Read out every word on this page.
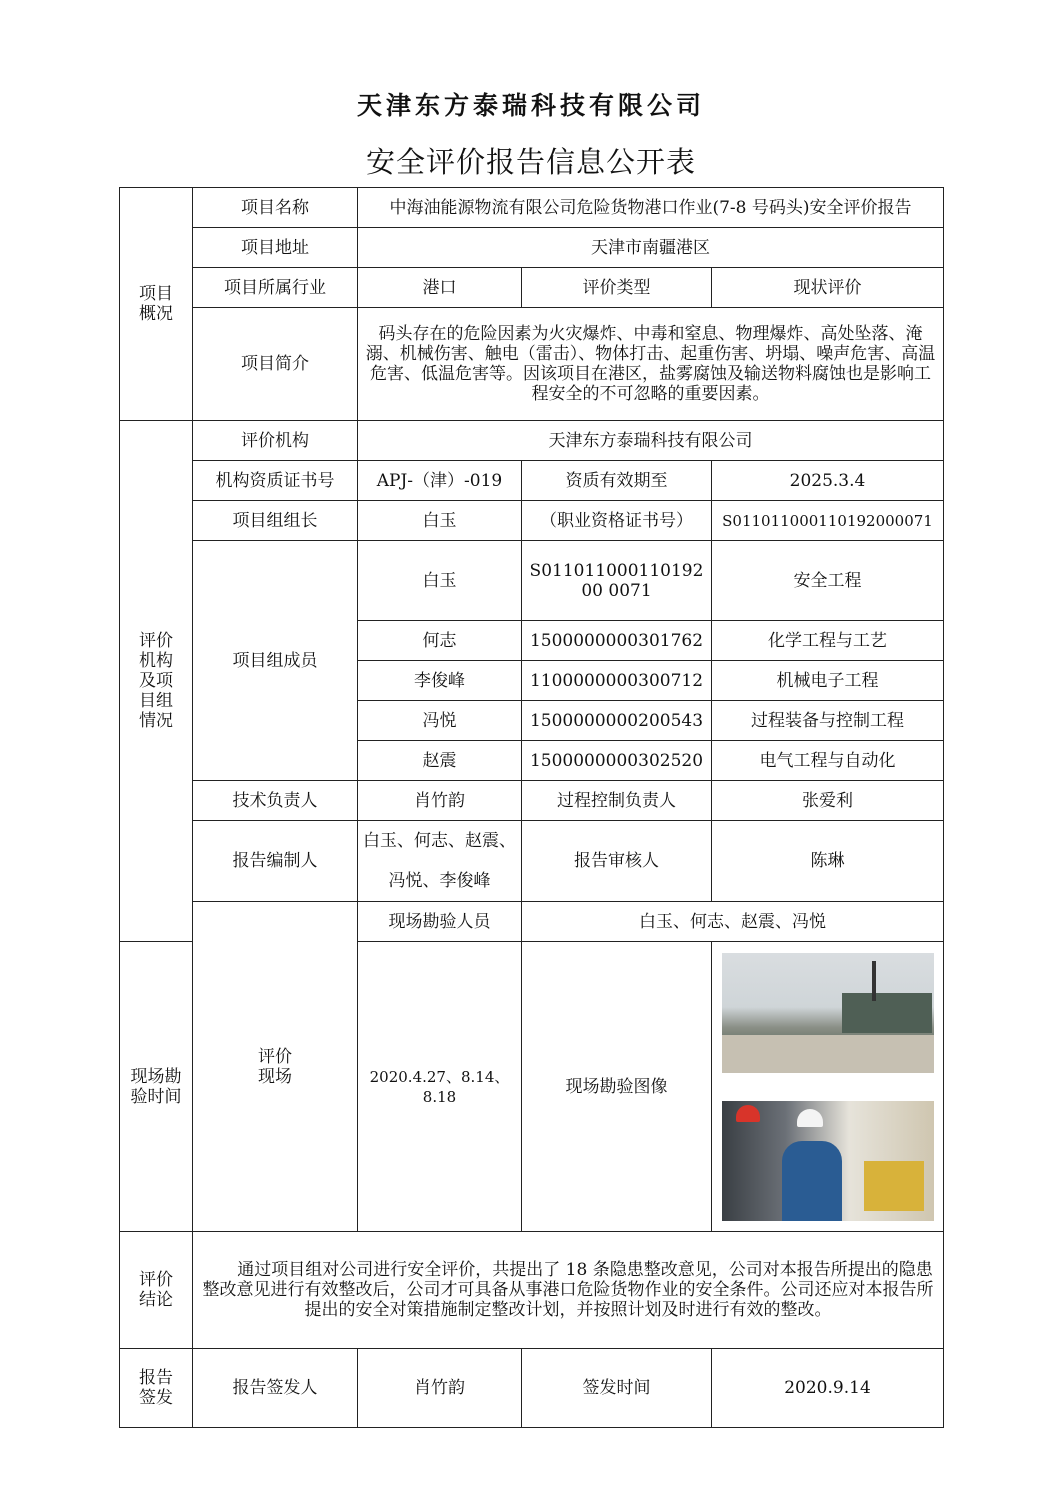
天津东方泰瑞科技有限公司
安全评价报告信息公开表
项目
概况	项目名称	中海油能源物流有限公司危险货物港口作业(7-8 号码头)安全评价报告		
	项目地址	天津市南疆港区		
	项目所属行业	港口	评价类型	现状评价
	项目简介	码头存在的危险因素为火灾爆炸、中毒和窒息、物理爆炸、高处坠落、淹溺、机械伤害、触电（雷击）、物体打击、起重伤害、坍塌、噪声危害、高温危害、低温危害等。因该项目在港区，盐雾腐蚀及输送物料腐蚀也是影响工程安全的不可忽略的重要因素。		
评价
机构
及项
目组
情况	评价机构	天津东方泰瑞科技有限公司		
	机构资质证书号	APJ-（津）-019	资质有效期至	2025.3.4
	项目组组长	白玉	（职业资格证书号）	S011011000110192000071
	项目组成员	白玉	S01101100011019200 0071	安全工程
		何志	1500000000301762	化学工程与工艺
		李俊峰	1100000000300712	机械电子工程
		冯悦	1500000000200543	过程装备与控制工程
		赵震	1500000000302520	电气工程与自动化
	技术负责人	肖竹韵	过程控制负责人	张爱利
	报告编制人	白玉、何志、赵震、冯悦、李俊峰	报告审核人	陈琳
	评价
现场	现场勘验人员	白玉、何志、赵震、冯悦	
现场勘验时间		2020.4.27、8.14、8.18	现场勘验图像	

评价
结论	通过项目组对公司进行安全评价，共提出了 18 条隐患整改意见，公司对本报告所提出的隐患整改意见进行有效整改后，公司才可具备从事港口危险货物作业的安全条件。公司还应对本报告所提出的安全对策措施制定整改计划，并按照计划及时进行有效的整改。			
报告
签发	报告签发人	肖竹韵	签发时间	2020.9.14
